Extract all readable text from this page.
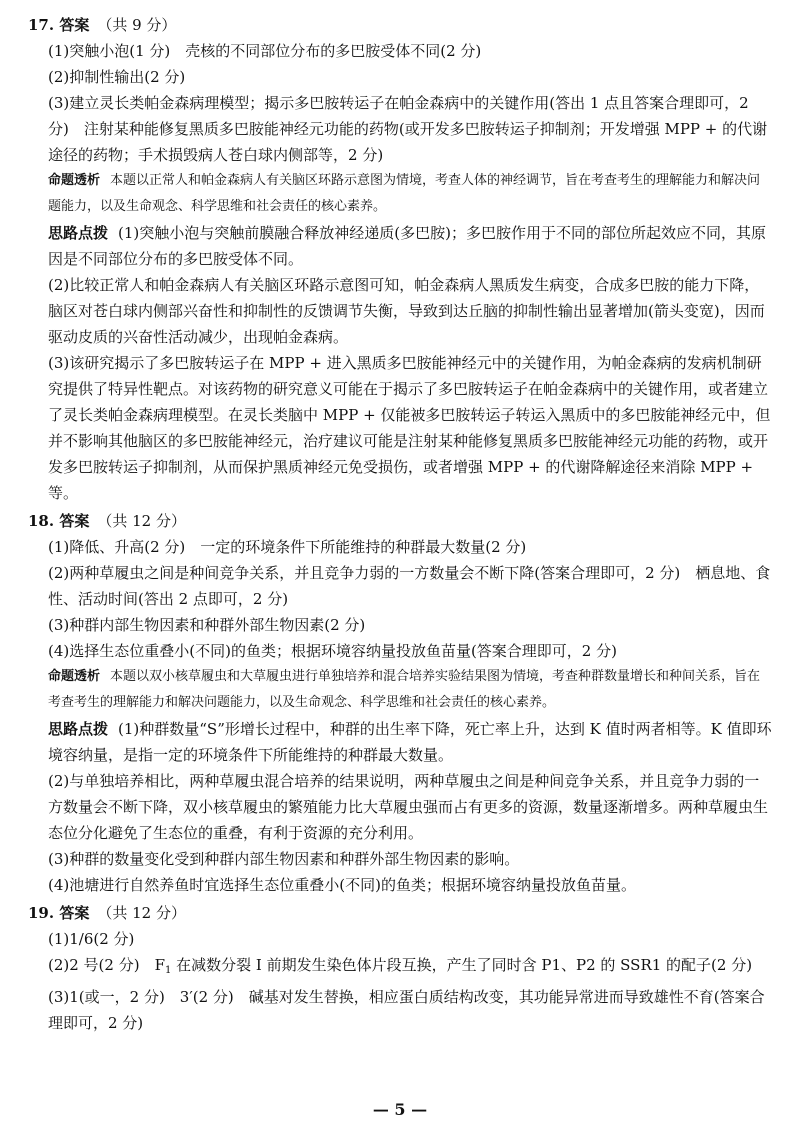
17. 答案 （共 9 分）
(1)突触小泡(1 分)　壳核的不同部位分布的多巴胺受体不同(2 分)
(2)抑制性输出(2 分)
(3)建立灵长类帕金森病理模型；揭示多巴胺转运子在帕金森病中的关键作用(答出 1 点且答案合理即可，2 分)　注射某种能修复黑质多巴胺能神经元功能的药物(或开发多巴胺转运子抑制剂；开发增强 MPP + 的代谢途径的药物；手术损毁病人苍白球内侧部等，2 分)
命题透析 本题以正常人和帕金森病人有关脑区环路示意图为情境，考查人体的神经调节，旨在考查考生的理解能力和解决问题能力，以及生命观念、科学思维和社会责任的核心素养。
思路点拨 (1)突触小泡与突触前膜融合释放神经递质(多巴胺)；多巴胺作用于不同的部位所起效应不同，其原因是不同部位分布的多巴胺受体不同。
(2)比较正常人和帕金森病人有关脑区环路示意图可知，帕金森病人黑质发生病变，合成多巴胺的能力下降，脑区对苍白球内侧部兴奋性和抑制性的反馈调节失衡，导致到达丘脑的抑制性输出显著增加(箭头变宽)，因而驱动皮质的兴奋性活动减少，出现帕金森病。
(3)该研究揭示了多巴胺转运子在 MPP + 进入黑质多巴胺能神经元中的关键作用，为帕金森病的发病机制研究提供了特异性靶点。对该药物的研究意义可能在于揭示了多巴胺转运子在帕金森病中的关键作用，或者建立了灵长类帕金森病理模型。在灵长类脑中 MPP + 仅能被多巴胺转运子转运入黑质中的多巴胺能神经元中，但并不影响其他脑区的多巴胺能神经元，治疗建议可能是注射某种能修复黑质多巴胺能神经元功能的药物，或开发多巴胺转运子抑制剂，从而保护黑质神经元免受损伤，或者增强 MPP + 的代谢降解途径来消除 MPP + 等。
18. 答案 （共 12 分）
(1)降低、升高(2 分)　一定的环境条件下所能维持的种群最大数量(2 分)
(2)两种草履虫之间是种间竞争关系，并且竞争力弱的一方数量会不断下降(答案合理即可，2 分)　栖息地、食性、活动时间(答出 2 点即可，2 分)
(3)种群内部生物因素和种群外部生物因素(2 分)
(4)选择生态位重叠小(不同)的鱼类；根据环境容纳量投放鱼苗量(答案合理即可，2 分)
命题透析 本题以双小核草履虫和大草履虫进行单独培养和混合培养实验结果图为情境，考查种群数量增长和种间关系，旨在考查考生的理解能力和解决问题能力，以及生命观念、科学思维和社会责任的核心素养。
思路点拨 (1)种群数量“S”形增长过程中，种群的出生率下降，死亡率上升，达到 K 值时两者相等。K 值即环境容纳量，是指一定的环境条件下所能维持的种群最大数量。
(2)与单独培养相比，两种草履虫混合培养的结果说明，两种草履虫之间是种间竞争关系，并且竞争力弱的一方数量会不断下降，双小核草履虫的繁殖能力比大草履虫强而占有更多的资源，数量逐渐增多。两种草履虫生态位分化避免了生态位的重叠，有利于资源的充分利用。
(3)种群的数量变化受到种群内部生物因素和种群外部生物因素的影响。
(4)池塘进行自然养鱼时宜选择生态位重叠小(不同)的鱼类；根据环境容纳量投放鱼苗量。
19. 答案 （共 12 分）
(1)1/6(2 分)
(2)2 号(2 分)　$F_1$ 在减数分裂 Ⅰ 前期发生染色体片段互换，产生了同时含 P1、P2 的 SSR1 的配子(2 分)
(3)1(或一，2 分)　3′(2 分)　碱基对发生替换，相应蛋白质结构改变，其功能异常进而导致雄性不育(答案合理即可，2 分)
— 5 —
